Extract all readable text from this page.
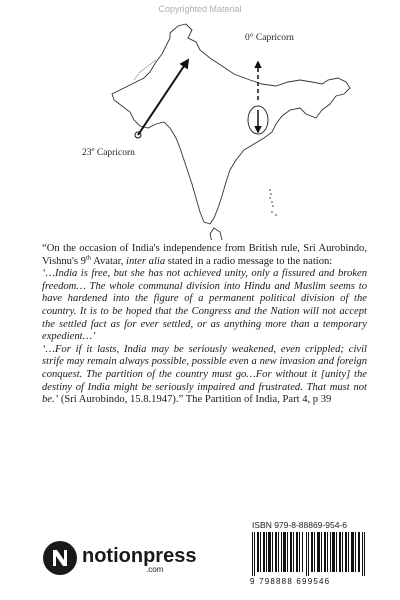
Copyrighted Material
0° Capricorn
23$^o$ Capricorn

“On the occasion of India's independence from British rule, Sri Aurobindo, Vishnu's 9th Avatar, inter alia stated in a radio message to the nation:

‘…India is free, but she has not achieved unity, only a fissured and broken freedom… The whole communal division into Hindu and Muslim seems to have hardened into the figure of a permanent political division of the country. It is to be hoped that the Congress and the Nation will not accept the settled fact as for ever settled, or as anything more than a temporary expedient…’

‘…For if it lasts, India may be seriously weakened, even crippled; civil strife may remain always possible, possible even a new invasion and foreign conquest. The partition of the country must go…For without it [unity] the destiny of India might be seriously impaired and frustrated. That must not be.’ (Sri Aurobindo, 15.8.1947).” The Partition of India, Part 4, p 39

ISBN 979-8-88869-954-6
9 798888 699546
notionpress
.com
